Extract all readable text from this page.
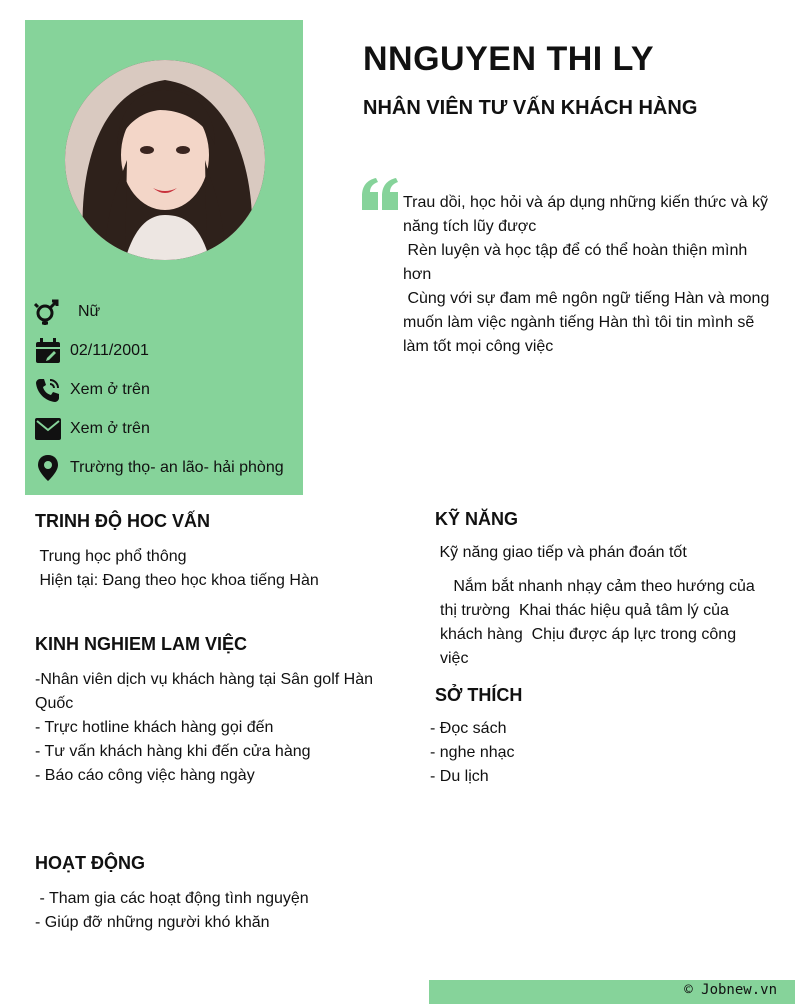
Nữ
02/11/2001
Xem ở trên
Xem ở trên
Trường thọ- an lão- hải phòng
NNGUYEN THI LY
NHÂN VIÊN TƯ VẤN KHÁCH HÀNG

Trau dồi, học hỏi và áp dụng những kiến thức và kỹ năng tích lũy được

Rèn luyện và học tập để có thể hoàn thiện mình hơn

Cùng với sự đam mê ngôn ngữ tiếng Hàn và mong muốn làm việc ngành tiếng Hàn thì tôi tin mình sẽ làm tốt mọi công việc

TRINH ĐỘ HOC VẤN

Trung học phổ thông

Hiện tại: Đang theo học khoa tiếng Hàn

KINH NGHIEM LAM VIỆC

-Nhân viên dịch vụ khách hàng tại Sân golf Hàn Quốc

- Trực hotline khách hàng gọi đến

- Tư vấn khách hàng khi đến cửa hàng

- Báo cáo công việc hàng ngày

HOẠT ĐỘNG

- Tham gia các hoạt động tình nguyện

- Giúp đỡ những người khó khăn

KỸ NĂNG

Kỹ năng giao tiếp và phán đoán tốt

Nắm bắt nhanh nhạy cảm theo hướng của thị trường  Khai thác hiệu quả tâm lý của khách hàng  Chịu được áp lực trong công việc

SỞ THÍCH

- Đọc sách

- nghe nhạc

- Du lịch

© Jobnew.vn
